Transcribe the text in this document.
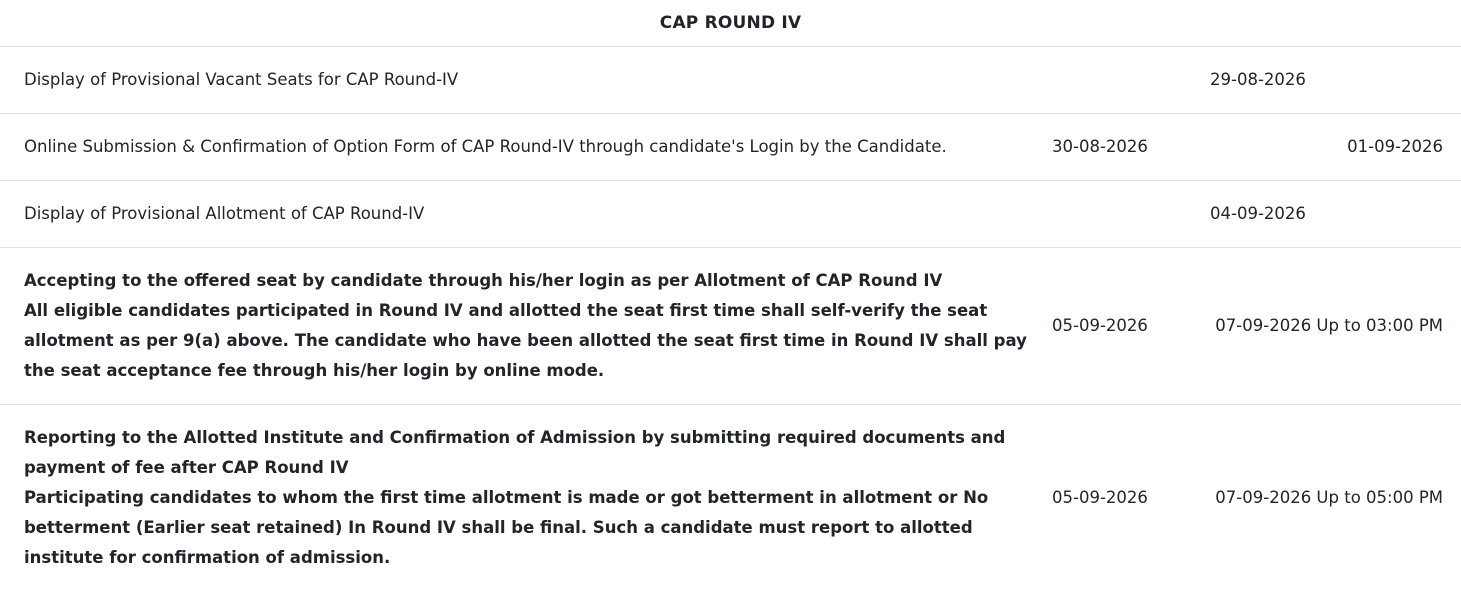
CAP ROUND IV		
Display of Provisional Vacant Seats for CAP Round-IV		29-08-2026
Online Submission & Confirmation of Option Form of CAP Round-IV through candidate's Login by the Candidate.	30-08-2026	01-09-2026
Display of Provisional Allotment of CAP Round-IV		04-09-2026

Accepting to the offered seat by candidate through his/her login as per Allotment of CAP Round IV
All eligible candidates participated in Round IV and allotted the seat first time shall self-verify the seat allotment as per 9(a) above. The candidate who have been allotted the seat first time in Round IV shall pay the seat acceptance fee through his/her login by online mode.	05-09-2026	07-09-2026 Up to 03:00 PM

Reporting to the Allotted Institute and Confirmation of Admission by submitting required documents and payment of fee after CAP Round IV
Participating candidates to whom the first time allotment is made or got betterment in allotment or No betterment (Earlier seat retained) In Round IV shall be final. Such a candidate must report to allotted institute for confirmation of admission.	05-09-2026	07-09-2026 Up to 05:00 PM
